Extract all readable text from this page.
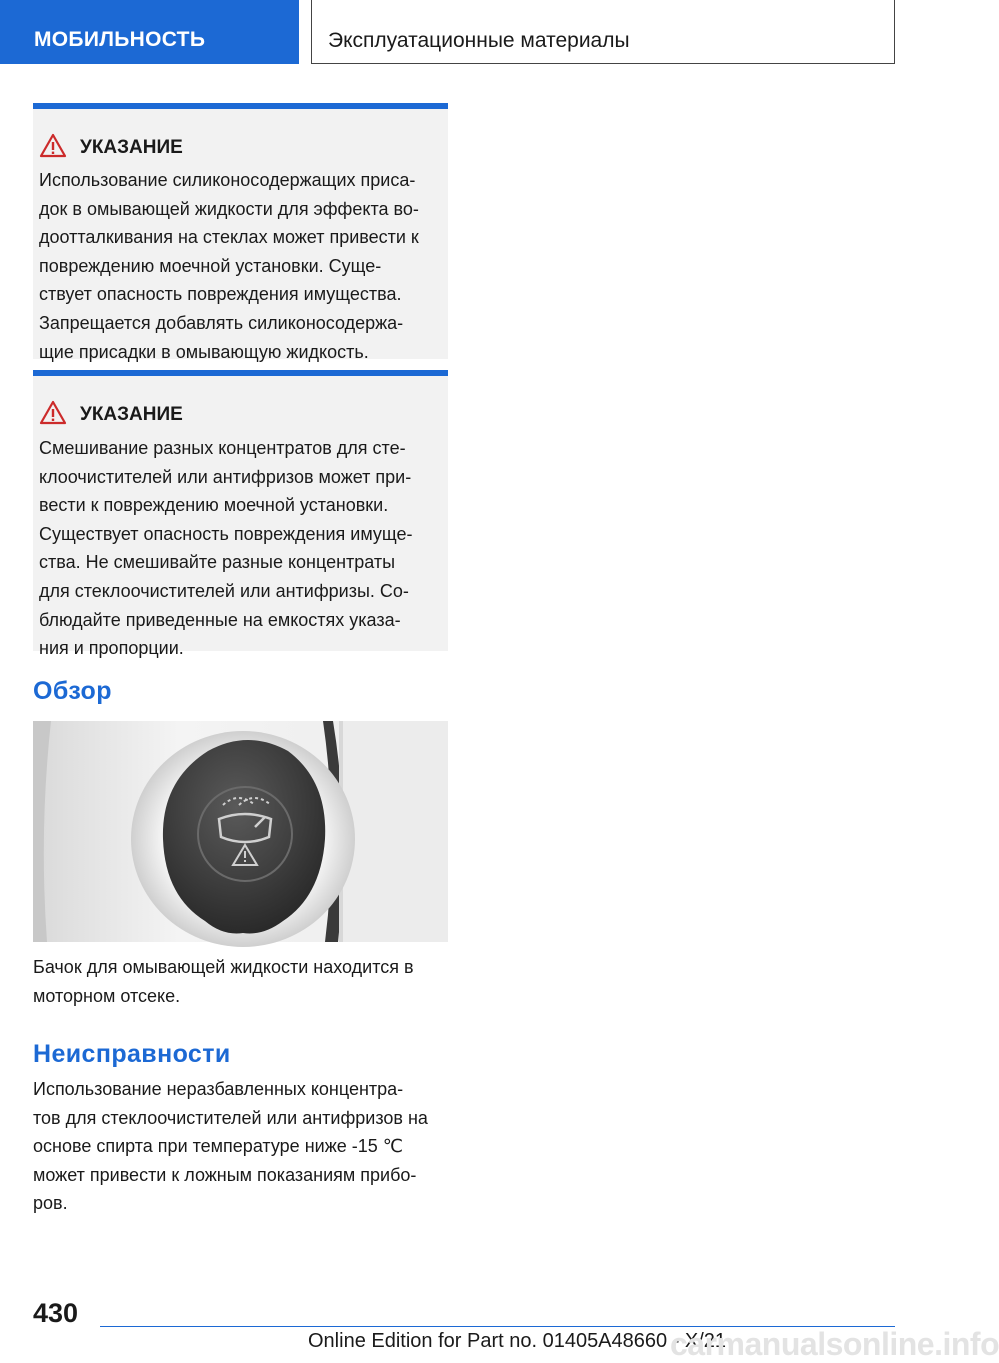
МОБИЛЬНОСТЬ	Эксплуатационные материалы
УКАЗАНИЕ
Использование силиконосодержащих приса-
док в омывающей жидкости для эффекта во-
доотталкивания на стеклах может привести к
повреждению моечной установки. Суще-
ствует опасность повреждения имущества.
Запрещается добавлять силиконосодержа-
щие присадки в омывающую жидкость.
УКАЗАНИЕ
Смешивание разных концентратов для сте-
клоочистителей или антифризов может при-
вести к повреждению моечной установки.
Существует опасность повреждения имуще-
ства. Не смешивайте разные концентраты
для стеклоочистителей или антифризы. Со-
блюдайте приведенные на емкостях указа-
ния и пропорции.
Обзор
Бачок для омывающей жидкости находится в
моторном отсеке.
Неисправности
Использование неразбавленных концентра-
тов для стеклоочистителей или антифризов на
основе спирта при температуре ниже -15 ℃
может привести к ложным показаниям прибо-
ров.
430
Online Edition for Part no. 01405A48660 - X/21
carmanualsonline.info
